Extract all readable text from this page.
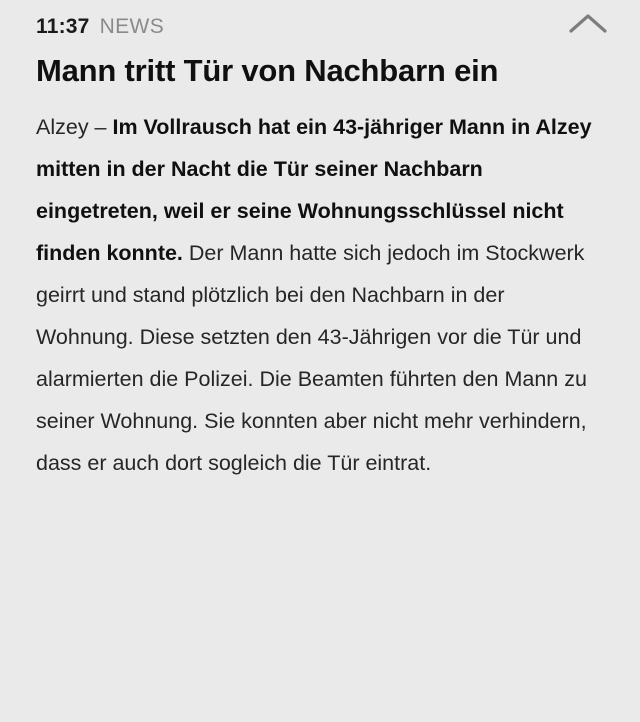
11:37 NEWS
Mann tritt Tür von Nachbarn ein

Alzey – Im Vollrausch hat ein 43-jähriger Mann in Alzey mitten in der Nacht die Tür seiner Nachbarn eingetreten, weil er seine Wohnungsschlüssel nicht finden konnte. Der Mann hatte sich jedoch im Stockwerk geirrt und stand plötzlich bei den Nachbarn in der Wohnung. Diese setzten den 43-Jährigen vor die Tür und alarmierten die Polizei. Die Beamten führten den Mann zu seiner Wohnung. Sie konnten aber nicht mehr verhindern, dass er auch dort sogleich die Tür eintrat.
